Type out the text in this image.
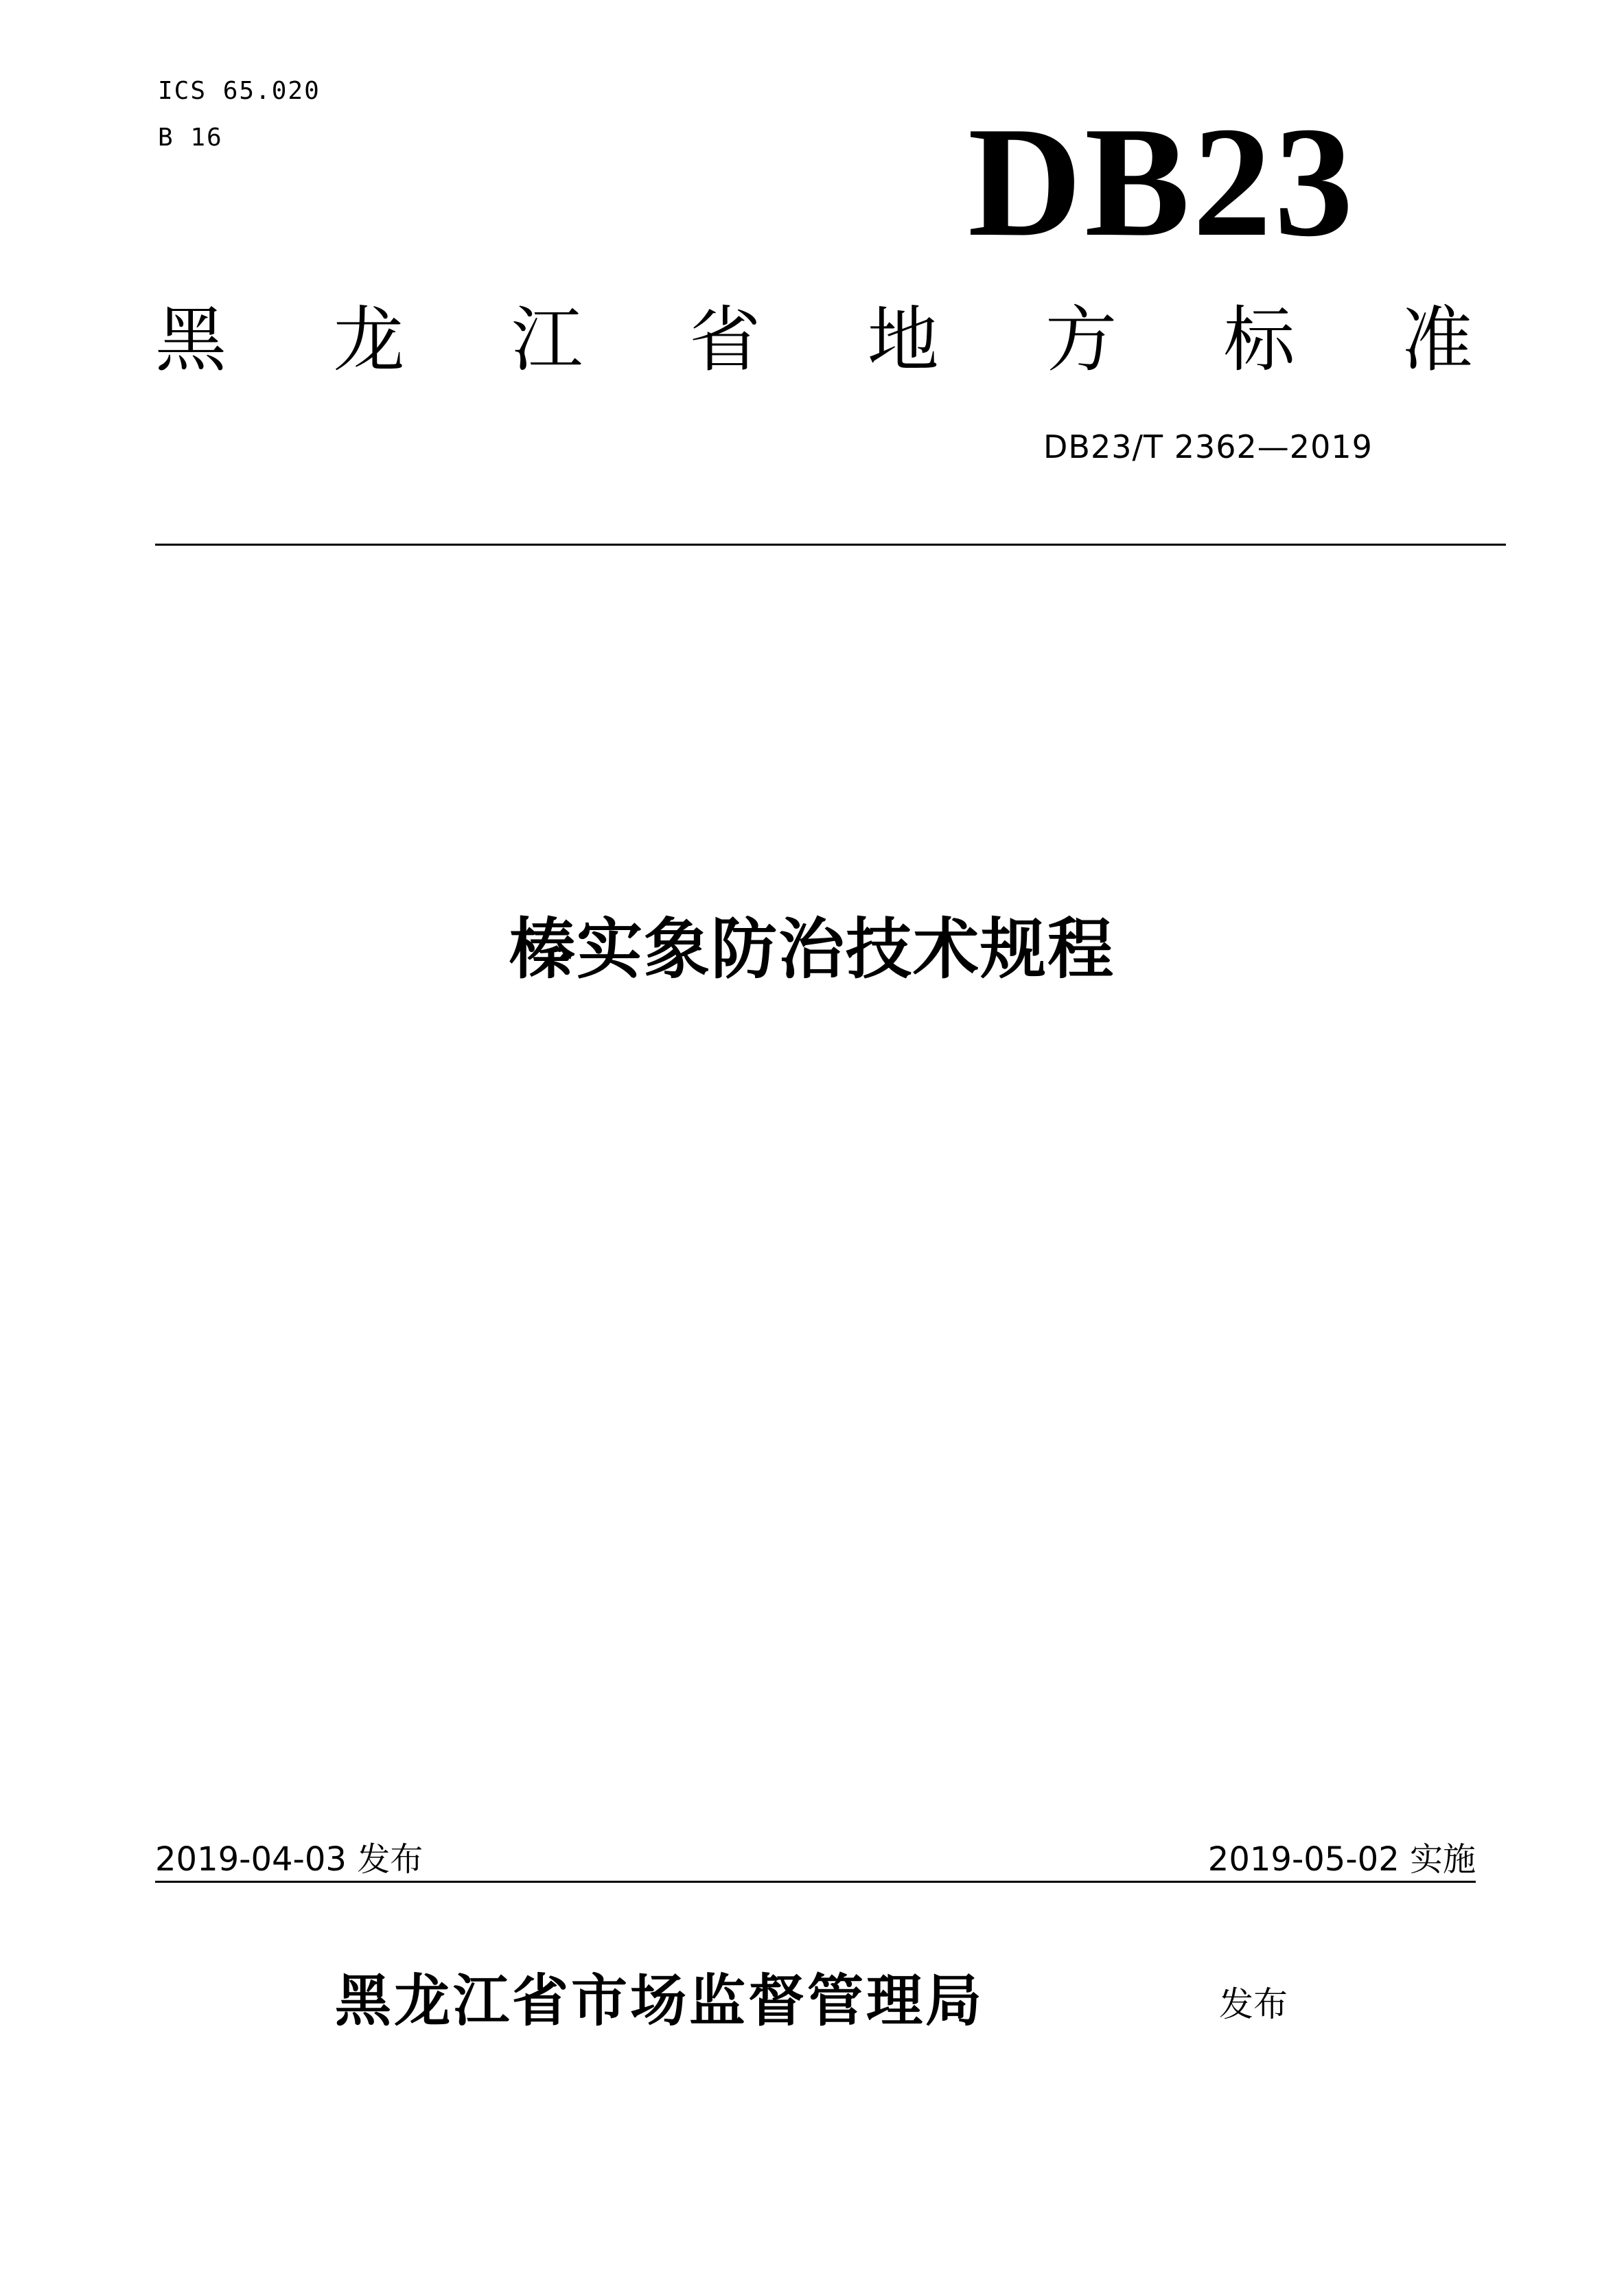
ICS 65.020
B 16	DB23
黑 龙 江 省 地 方 标 准
DB23/T 2362—2019
榛实象防治技术规程
2019-04-03 发布	2019-05-02 实施
黑龙江省市场监督管理局	发布
